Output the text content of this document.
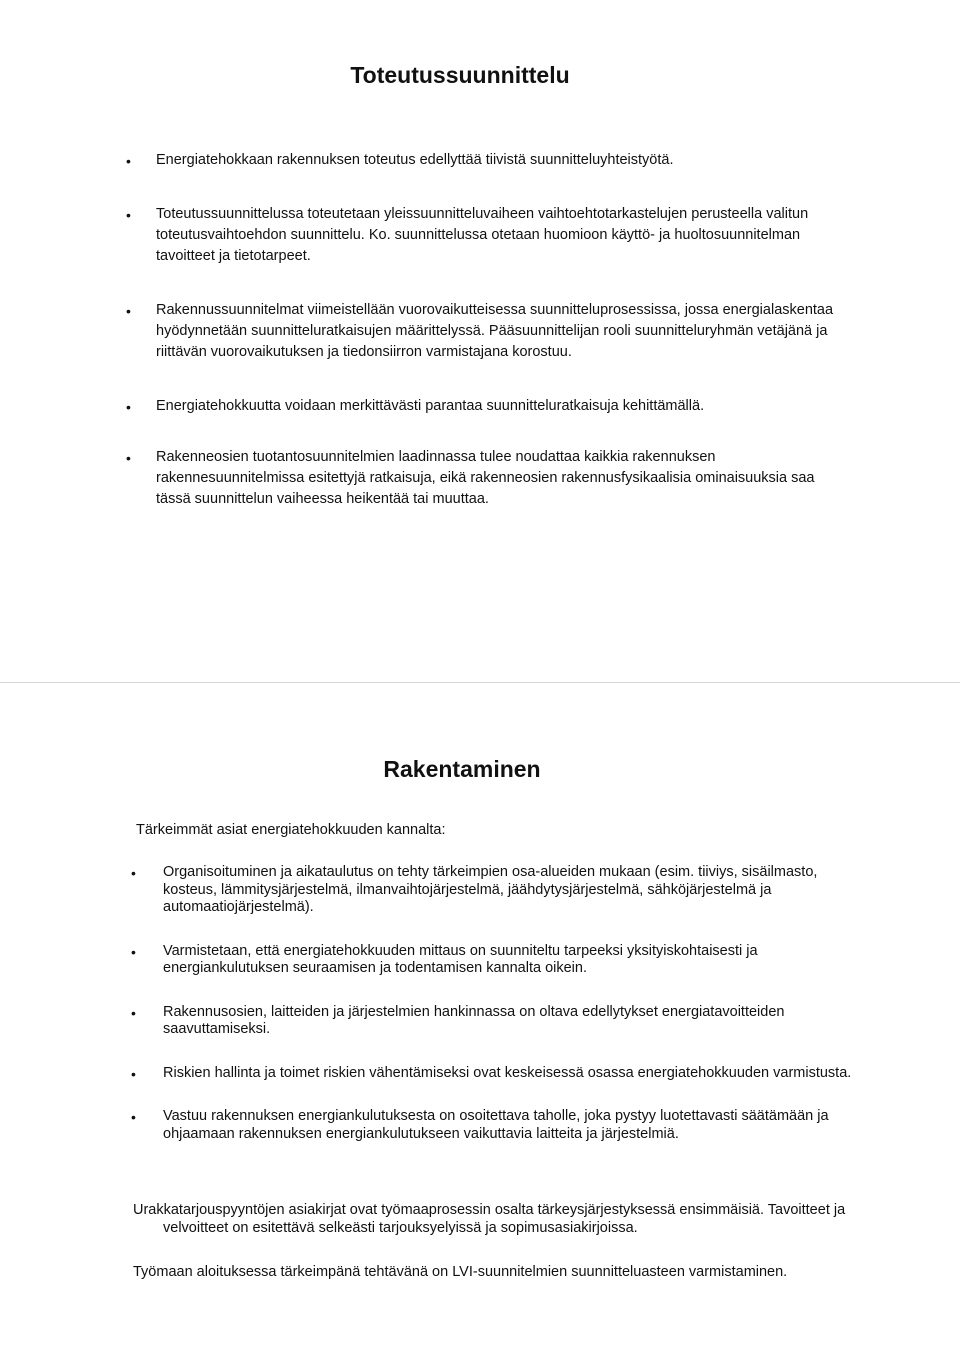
Toteutussuunnittelu
• Energiatehokkaan rakennuksen toteutus edellyttää tiivistä suunnitteluyhteistyötä.
• Toteutussuunnittelussa toteutetaan yleissuunnitteluvaiheen vaihtoehtotarkastelujen perusteella valitun toteutusvaihtoehdon suunnittelu. Ko. suunnittelussa otetaan huomioon käyttö- ja huoltosuunnitelman tavoitteet ja tietotarpeet.
• Rakennussuunnitelmat viimeistellään vuorovaikutteisessa suunnitteluprosessissa, jossa energialaskentaa hyödynnetään suunnitteluratkaisujen määrittelyssä. Pääsuunnittelijan rooli suunnitteluryhmän vetäjänä ja riittävän vuorovaikutuksen ja tiedonsiirron varmistajana korostuu.
• Energiatehokkuutta voidaan merkittävästi parantaa suunnitteluratkaisuja kehittämällä.
• Rakenneosien tuotantosuunnitelmien laadinnassa tulee noudattaa kaikkia rakennuksen rakennesuunnitelmissa esitettyjä ratkaisuja, eikä rakenneosien rakennusfysikaalisia ominaisuuksia saa tässä suunnittelun vaiheessa heikentää tai muuttaa.
Rakentaminen

Tärkeimmät asiat energiatehokkuuden kannalta:

• Organisoituminen ja aikataulutus on tehty tärkeimpien osa-alueiden mukaan (esim. tiiviys, sisäilmasto, kosteus, lämmitysjärjestelmä, ilmanvaihtojärjestelmä, jäähdytysjärjestelmä, sähköjärjestelmä ja automaatiojärjestelmä).
• Varmistetaan, että energiatehokkuuden mittaus on suunniteltu tarpeeksi yksityiskohtaisesti ja energiankulutuksen seuraamisen ja todentamisen kannalta oikein.
• Rakennusosien, laitteiden ja järjestelmien hankinnassa on oltava edellytykset energiatavoitteiden saavuttamiseksi.
• Riskien hallinta ja toimet riskien vähentämiseksi ovat keskeisessä osassa energiatehokkuuden varmistusta.
• Vastuu rakennuksen energiankulutuksesta on osoitettava taholle, joka pystyy luotettavasti säätämään ja ohjaamaan rakennuksen energiankulutukseen vaikuttavia laitteita ja järjestelmiä.

Urakkatarjouspyyntöjen asiakirjat ovat työmaaprosessin osalta tärkeysjärjestyksessä ensimmäisiä. Tavoitteet ja velvoitteet on esitettävä selkeästi tarjouksyelyissä ja sopimusasiakirjoissa.

Työmaan aloituksessa tärkeimpänä tehtävänä on LVI-suunnitelmien suunnitteluasteen varmistaminen.
